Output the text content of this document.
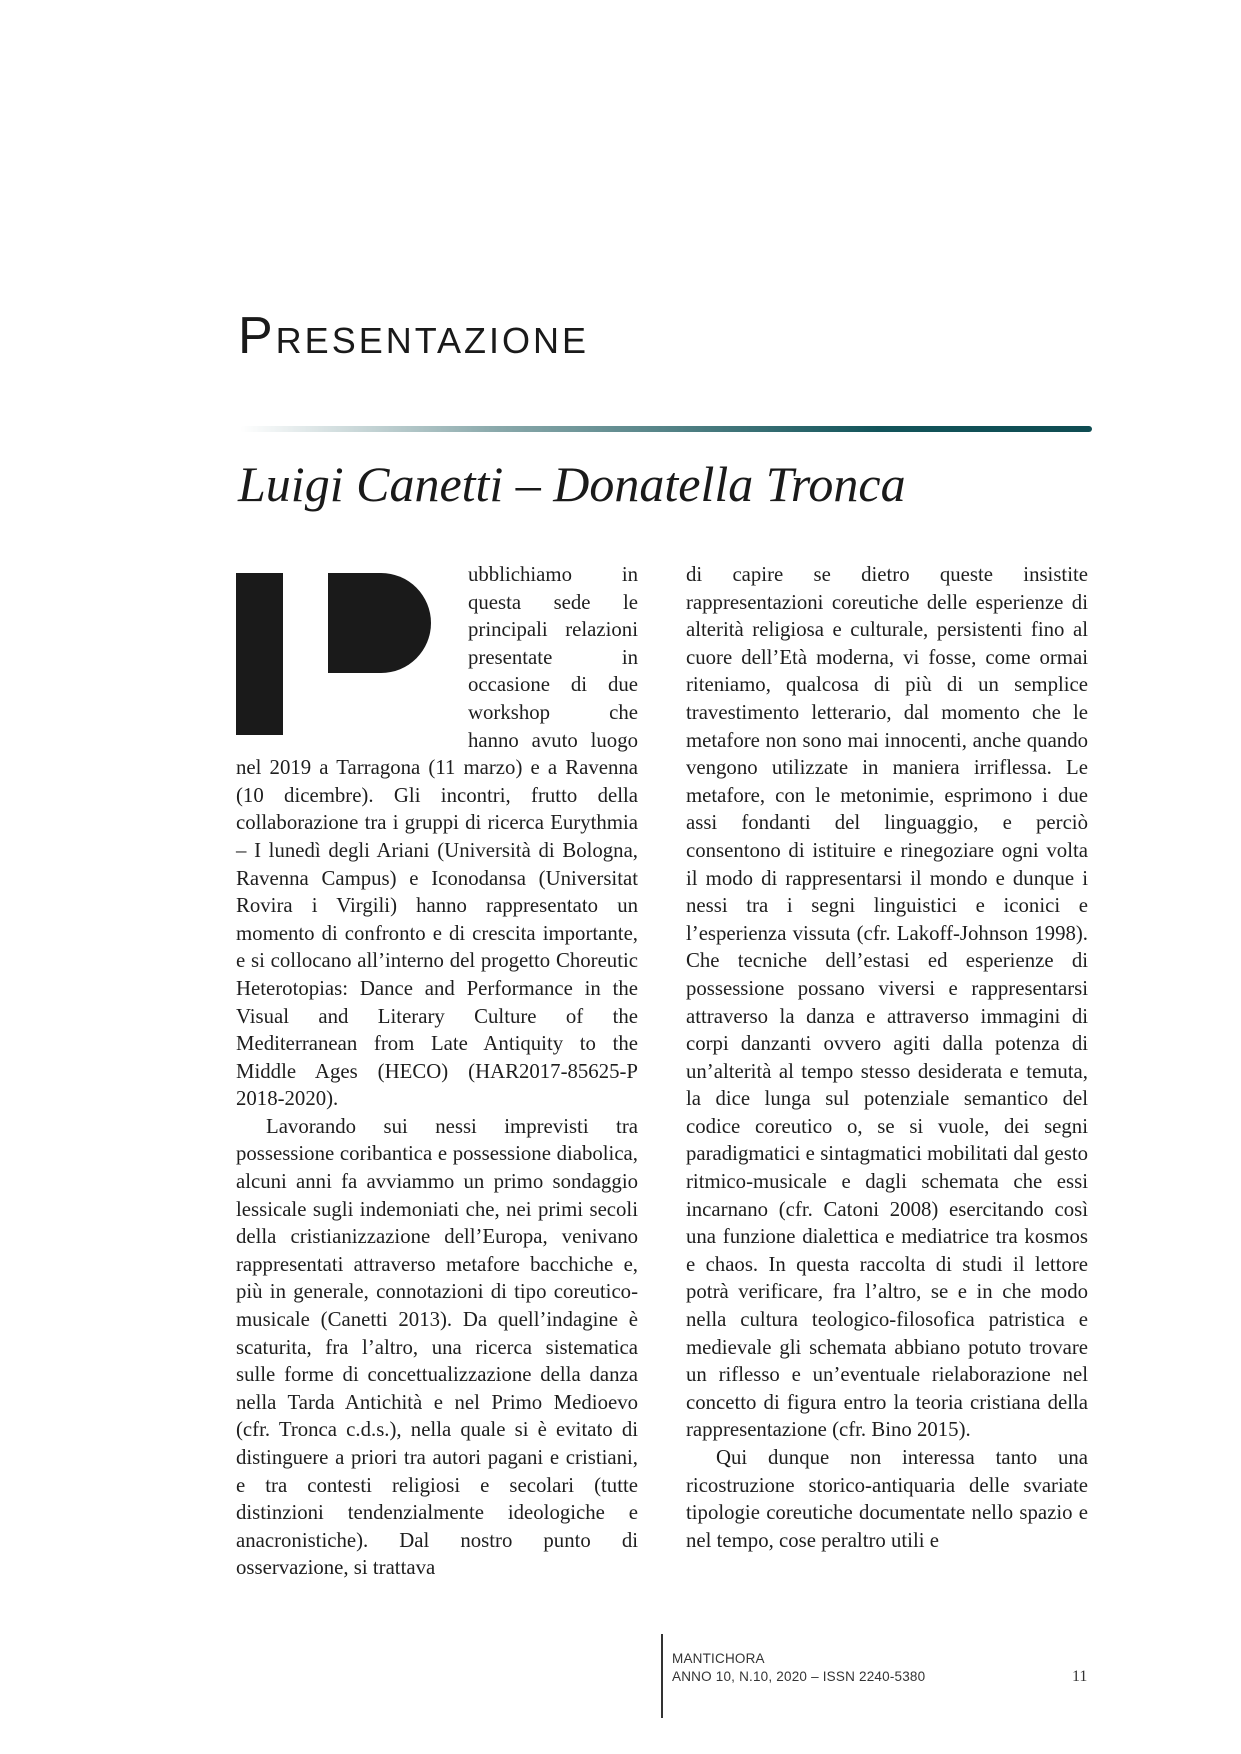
Presentazione
Luigi Canetti – Donatella Tronca

ubblichiamo in questa sede le principali relazioni presentate in occasione di due workshop che hanno avuto luogo nel 2019 a Tarragona (11 marzo) e a Ravenna (10 dicembre). Gli incontri, frutto della collaborazione tra i gruppi di ricerca Eurythmia – I lunedì degli Ariani (Università di Bologna, Ravenna Campus) e Iconodansa (Universitat Rovira i Virgili) hanno rappresentato un momento di confronto e di crescita importante, e si collocano all’interno del progetto Choreutic Heterotopias: Dance and Performance in the Visual and Literary Culture of the Mediterranean from Late Antiquity to the Middle Ages (HECO) (HAR2017-85625-P 2018-2020).

Lavorando sui nessi imprevisti tra possessione coribantica e possessione diabolica, alcuni anni fa avviammo un primo sondaggio lessicale sugli indemoniati che, nei primi secoli della cristianizzazione dell’Europa, venivano rappresentati attraverso metafore bacchiche e, più in generale, connotazioni di tipo coreutico-musicale (Canetti 2013). Da quell’indagine è scaturita, fra l’altro, una ricerca sistematica sulle forme di concettualizzazione della danza nella Tarda Antichità e nel Primo Medioevo (cfr. Tronca c.d.s.), nella quale si è evitato di distinguere a priori tra autori pagani e cristiani, e tra contesti religiosi e secolari (tutte distinzioni tendenzialmente ideologiche e anacronistiche). Dal nostro punto di osservazione, si trattava

di capire se dietro queste insistite rappresentazioni coreutiche delle esperienze di alterità religiosa e culturale, persistenti fino al cuore dell’Età moderna, vi fosse, come ormai riteniamo, qualcosa di più di un semplice travestimento letterario, dal momento che le metafore non sono mai innocenti, anche quando vengono utilizzate in maniera irriflessa. Le metafore, con le metonimie, esprimono i due assi fondanti del linguaggio, e perciò consentono di istituire e rinegoziare ogni volta il modo di rappresentarsi il mondo e dunque i nessi tra i segni linguistici e iconici e l’esperienza vissuta (cfr. Lakoff-Johnson 1998). Che tecniche dell’estasi ed esperienze di possessione possano viversi e rappresentarsi attraverso la danza e attraverso immagini di corpi danzanti ovvero agiti dalla potenza di un’alterità al tempo stesso desiderata e temuta, la dice lunga sul potenziale semantico del codice coreutico o, se si vuole, dei segni paradigmatici e sintagmatici mobilitati dal gesto ritmico-musicale e dagli schemata che essi incarnano (cfr. Catoni 2008) esercitando così una funzione dialettica e mediatrice tra kosmos e chaos. In questa raccolta di studi il lettore potrà verificare, fra l’altro, se e in che modo nella cultura teologico-filosofica patristica e medievale gli schemata abbiano potuto trovare un riflesso e un’eventuale rielaborazione nel concetto di figura entro la teoria cristiana della rappresentazione (cfr. Bino 2015).

Qui dunque non interessa tanto una ricostruzione storico-antiquaria delle svariate tipologie coreutiche documentate nello spazio e nel tempo, cose peraltro utili e

MANTICHORA
ANNO 10, N.10, 2020 – ISSN 2240-5380	11
